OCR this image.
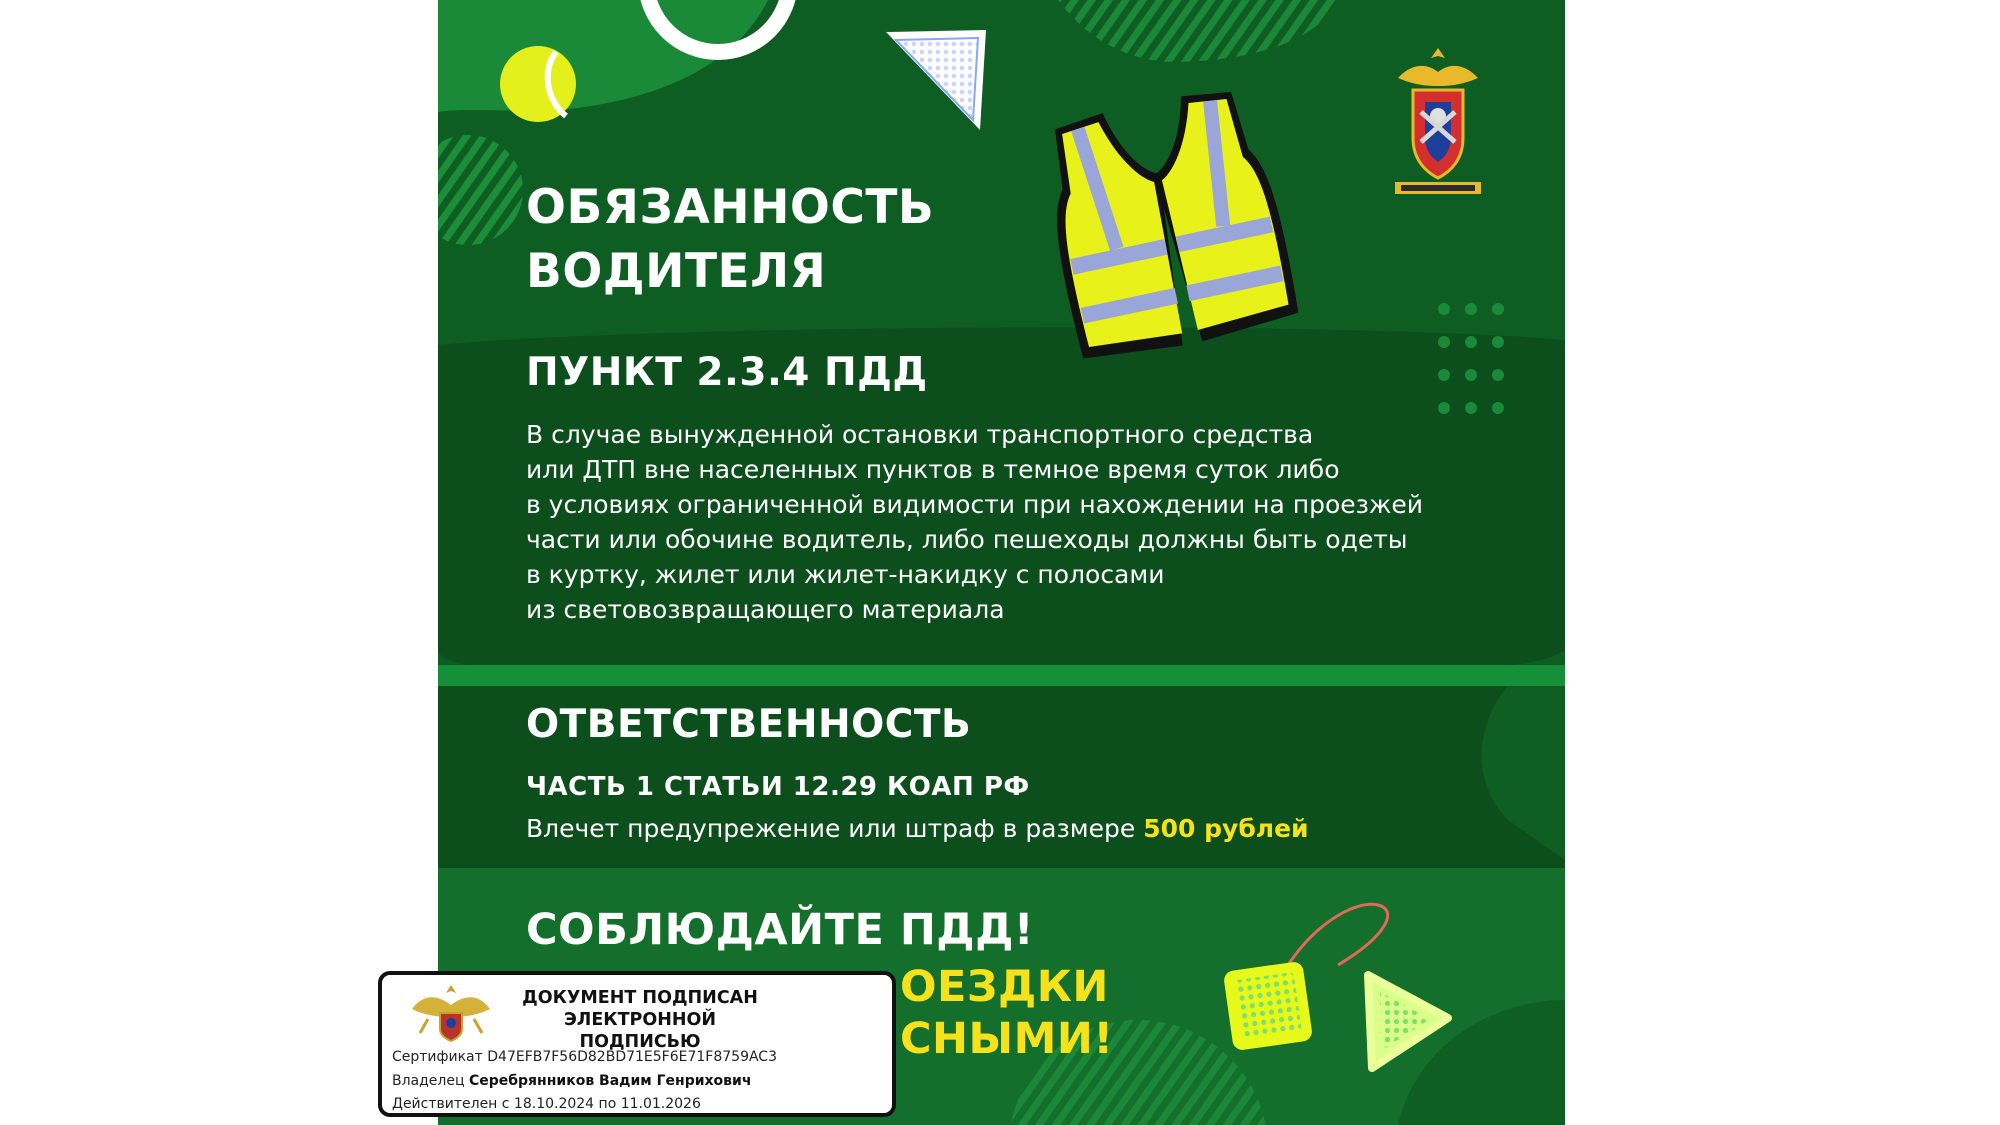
ОБЯЗАННОСТЬ
ВОДИТЕЛЯ
ПУНКТ 2.3.4 ПДД
В случае вынужденной остановки транспортного средства
или ДТП вне населенных пунктов в темное время суток либо
в условиях ограниченной видимости при нахождении на проезжей
части или обочине водитель, либо пешеходы должны быть одеты
в куртку, жилет или жилет-накидку с полосами
из световозвращающего материала
ОТВЕТСТВЕННОСТЬ
ЧАСТЬ 1 СТАТЬИ 12.29 КОАП РФ
Влечет предупрежение или штраф в размере 500 рублей
СОБЛЮДАЙТЕ ПДД!
ОЕЗДКИ
СНЫМИ!
ДОКУМЕНТ ПОДПИСАН
ЭЛЕКТРОННОЙ ПОДПИСЬЮ
Сертификат D47EFB7F56D82BD71E5F6E71F8759AC3
Владелец Серебрянников Вадим Генрихович
Действителен с 18.10.2024 по 11.01.2026
